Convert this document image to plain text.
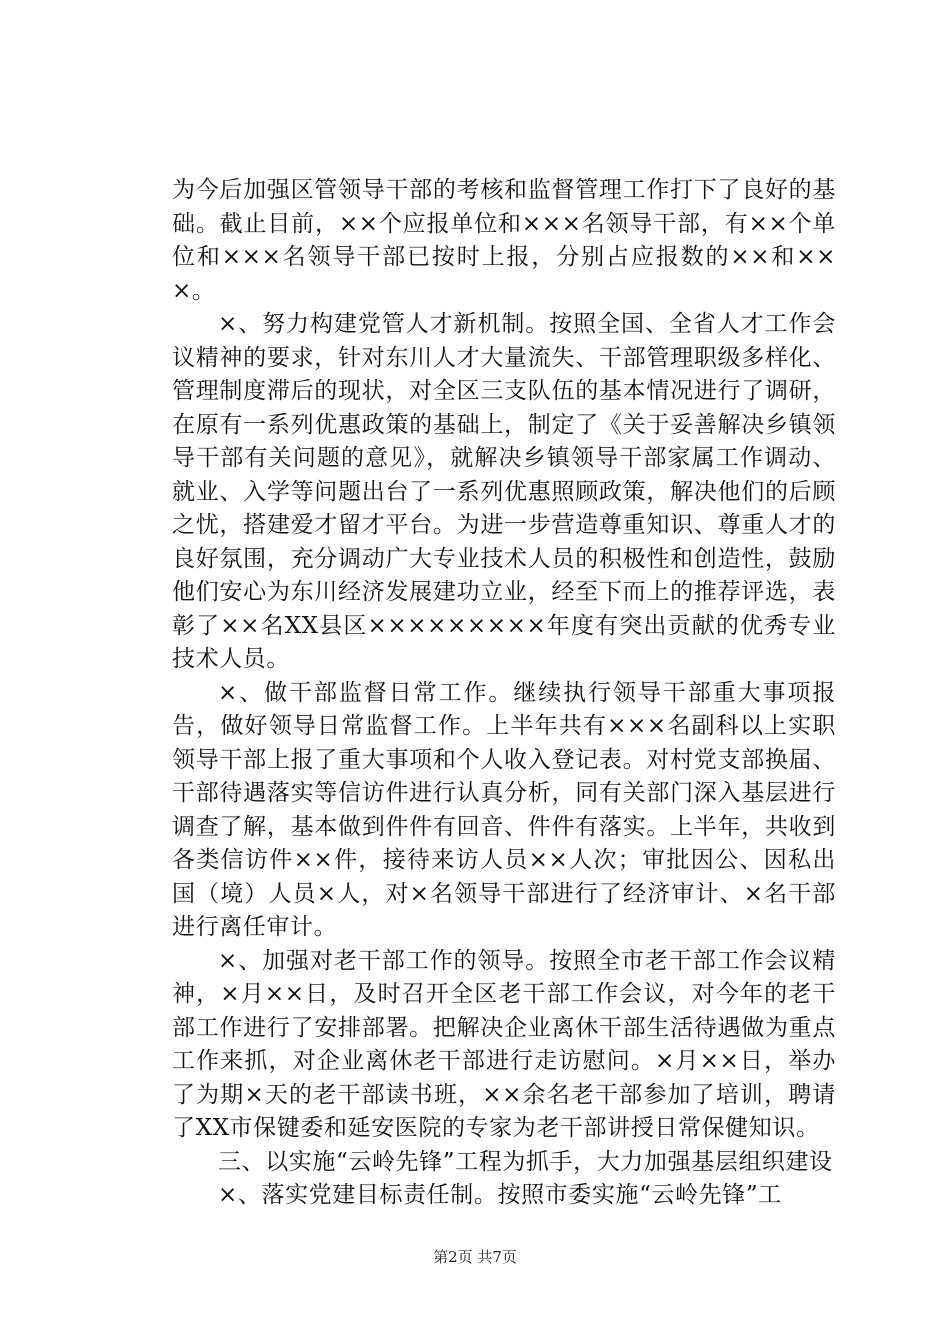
为今后加强区管领导干部的考核和监督管理工作打下了良好的基础。截止目前，××个应报单位和×××名领导干部，有××个单位和×××名领导干部已按时上报，分别占应报数的××和×××。

×、努力构建党管人才新机制。按照全国、全省人才工作会议精神的要求，针对东川人才大量流失、干部管理职级多样化、管理制度滞后的现状，对全区三支队伍的基本情况进行了调研，在原有一系列优惠政策的基础上，制定了《关于妥善解决乡镇领导干部有关问题的意见》，就解决乡镇领导干部家属工作调动、就业、入学等问题出台了一系列优惠照顾政策，解决他们的后顾之忧，搭建爱才留才平台。为进一步营造尊重知识、尊重人才的良好氛围，充分调动广大专业技术人员的积极性和创造性，鼓励他们安心为东川经济发展建功立业，经至下而上的推荐评选，表彰了××名XX县区×××××××××年度有突出贡献的优秀专业技术人员。

×、做干部监督日常工作。继续执行领导干部重大事项报告，做好领导日常监督工作。上半年共有×××名副科以上实职领导干部上报了重大事项和个人收入登记表。对村党支部换届、干部待遇落实等信访件进行认真分析，同有关部门深入基层进行调查了解，基本做到件件有回音、件件有落实。上半年，共收到各类信访件××件，接待来访人员××人次；审批因公、因私出国（境）人员×人，对×名领导干部进行了经济审计、×名干部进行离任审计。

×、加强对老干部工作的领导。按照全市老干部工作会议精神，×月××日，及时召开全区老干部工作会议，对今年的老干部工作进行了安排部署。把解决企业离休干部生活待遇做为重点工作来抓，对企业离休老干部进行走访慰问。×月××日，举办了为期×天的老干部读书班，××余名老干部参加了培训，聘请了XX市保键委和延安医院的专家为老干部讲授日常保健知识。

三、以实施“云岭先锋”工程为抓手，大力加强基层组织建设

×、落实党建目标责任制。按照市委实施“云岭先锋”工

第2页 共7页
